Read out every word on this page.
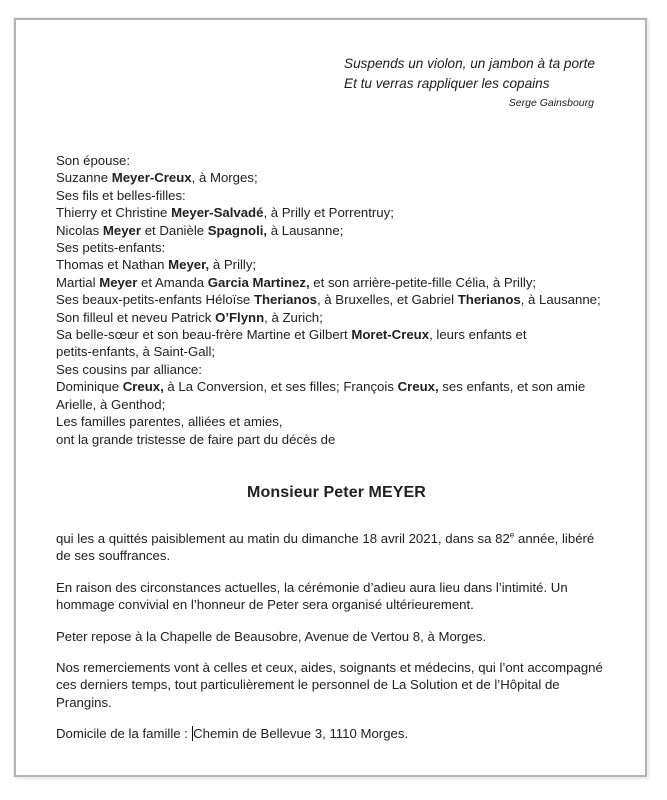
Suspends un violon, un jambon à ta porte
Et tu verras rappliquer les copains
Serge Gainsbourg
Son épouse:
Suzanne Meyer-Creux, à Morges;
Ses fils et belles-filles:
Thierry et Christine Meyer-Salvadé, à Prilly et Porrentruy;
Nicolas Meyer et Danièle Spagnoli, à Lausanne;
Ses petits-enfants:
Thomas et Nathan Meyer, à Prilly;
Martial Meyer et Amanda Garcia Martinez, et son arrière-petite-fille Célia, à Prilly;
Ses beaux-petits-enfants Héloïse Therianos, à Bruxelles, et Gabriel Therianos, à Lausanne;
Son filleul et neveu Patrick O’Flynn, à Zurich;
Sa belle-sœur et son beau-frère Martine et Gilbert Moret-Creux, leurs enfants et
petits-enfants, à Saint-Gall;
Ses cousins par alliance:
Dominique Creux, à La Conversion, et ses filles; François Creux, ses enfants, et son amie
Arielle, à Genthod;
Les familles parentes, alliées et amies,
ont la grande tristesse de faire part du décès de
Monsieur Peter MEYER
qui les a quittés paisiblement au matin du dimanche 18 avril 2021, dans sa 82e année, libéré
de ses souffrances.
En raison des circonstances actuelles, la cérémonie d’adieu aura lieu dans l’intimité. Un
hommage convivial en l’honneur de Peter sera organisé ultérieurement.
Peter repose à la Chapelle de Beausobre, Avenue de Vertou 8, à Morges.
Nos remerciements vont à celles et ceux, aides, soignants et médecins, qui l’ont accompagné
ces derniers temps, tout particulièrement le personnel de La Solution et de l’Hôpital de
Prangins.
Domicile de la famille : Chemin de Bellevue 3, 1110 Morges.
